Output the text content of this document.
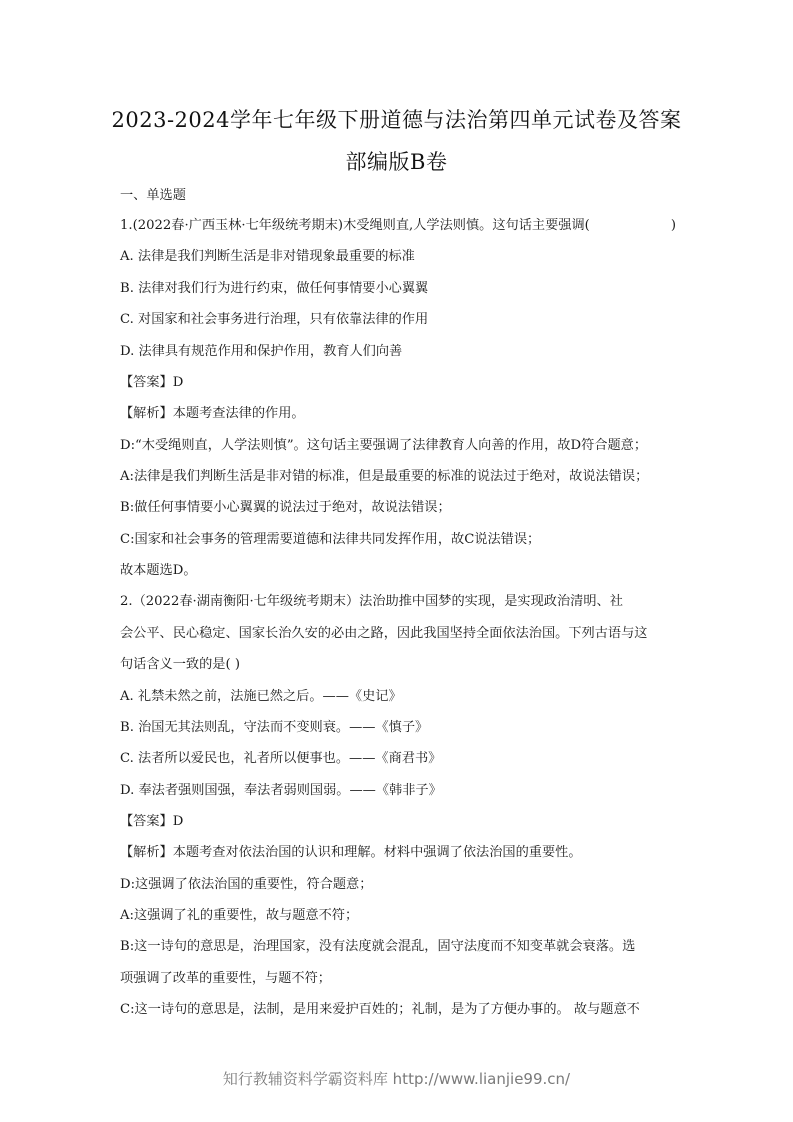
2023-2024学年七年级下册道德与法治第四单元试卷及答案
部编版B卷
一、单选题
1.(2022春·广西玉林·七年级统考期末)木受绳则直,人学法则慎。这句话主要强调(	)
A. 法律是我们判断生活是非对错现象最重要的标准
B. 法律对我们行为进行约束，做任何事情要小心翼翼
C. 对国家和社会事务进行治理，只有依靠法律的作用
D. 法律具有规范作用和保护作用，教育人们向善
【答案】D
【解析】本题考查法律的作用。
D:“木受绳则直，人学法则慎”。这句话主要强调了法律教育人向善的作用，故D符合题意；
A:法律是我们判断生活是非对错的标准，但是最重要的标准的说法过于绝对，故说法错误；
B:做任何事情要小心翼翼的说法过于绝对，故说法错误；
C:国家和社会事务的管理需要道德和法律共同发挥作用，故C说法错误；
故本题选D。
2.（2022春·湖南衡阳·七年级统考期末）法治助推中国梦的实现，是实现政治清明、社
会公平、民心稳定、国家长治久安的必由之路，因此我国坚持全面依法治国。下列古语与这
句话含义一致的是( )
A. 礼禁未然之前，法施已然之后。——《史记》
B. 治国无其法则乱，守法而不变则衰。——《慎子》
C. 法者所以爱民也，礼者所以便事也。——《商君书》
D. 奉法者强则国强，奉法者弱则国弱。——《韩非子》
【答案】D
【解析】本题考查对依法治国的认识和理解。材料中强调了依法治国的重要性。
D:这强调了依法治国的重要性，符合题意；
A:这强调了礼的重要性，故与题意不符；
B:这一诗句的意思是，治理国家，没有法度就会混乱，固守法度而不知变革就会衰落。选
项强调了改革的重要性，与题不符；
C:这一诗句的意思是，法制，是用来爱护百姓的；礼制，是为了方便办事的。 故与题意不
知行教辅资料学霸资料库 http://www.lianjie99.cn/
